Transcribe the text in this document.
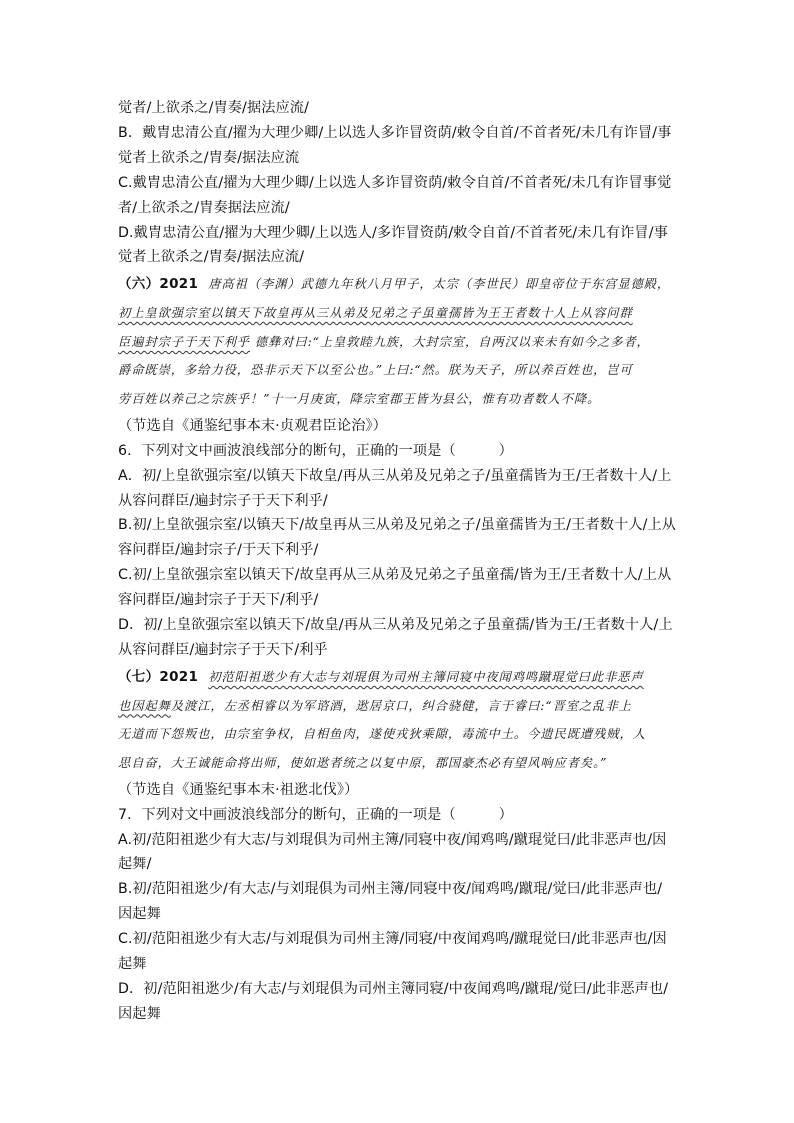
觉者/上欲杀之/胄奏/据法应流/
B．戴胄忠清公直/擢为大理少卿/上以选人多诈冒资荫/敕令自首/不首者死/未几有诈冒/事
觉者上欲杀之/胄奏/据法应流
C.戴胄忠清公直/擢为大理少卿/上以选人多诈冒资荫/敕令自首/不首者死/未几有诈冒事觉
者/上欲杀之/胄奏据法应流/
D.戴胄忠清公直/擢为大理少卿/上以选人/多诈冒资荫/敕令自首/不首者死/未几有诈冒/事
觉者上欲杀之/胄奏/据法应流/
（六）2021 唐高祖（李渊）武德九年秋八月甲子，太宗（李世民）即皇帝位于东宫显德殿，
初上皇欲强宗室以镇天下故皇再从三从弟及兄弟之子虽童孺皆为王王者数十人上从容问群
臣遍封宗子于天下利乎 德彝对曰:“上皇敦睦九族，大封宗室，自两汉以来未有如今之多者，
爵命既崇，多给力役，恐非示天下以至公也。”上曰:“然。朕为天子，所以养百姓也，岂可
劳百姓以养己之宗族乎！”十一月庚寅，降宗室郡王皆为县公，惟有功者数人不降。
（节选自《通鉴纪事本末·贞观君臣论治》）
6．下列对文中画波浪线部分的断句，正确的一项是（　　　）
A．初/上皇欲强宗室/以镇天下故皇/再从三从弟及兄弟之子/虽童孺皆为王/王者数十人/上
从容问群臣/遍封宗子于天下利乎/
B.初/上皇欲强宗室/以镇天下/故皇再从三从弟及兄弟之子/虽童孺皆为王/王者数十人/上从
容问群臣/遍封宗子/于天下利乎/
C.初/上皇欲强宗室以镇天下/故皇再从三从弟及兄弟之子虽童孺/皆为王/王者数十人/上从
容问群臣/遍封宗子于天下/利乎/
D．初/上皇欲强宗室以镇天下/故皇/再从三从弟及兄弟之子虽童孺/皆为王/王者数十人/上
从容问群臣/遍封宗子于天下/利乎
（七）2021 初范阳祖逖少有大志与刘琨俱为司州主簿同寝中夜闻鸡鸣蹴琨觉曰此非恶声
也因起舞及渡江，左丞相睿以为军谘酒，逖居京口，纠合骁健，言于睿曰:“晋室之乱非上
无道而下怨叛也，由宗室争权，自相鱼肉，遂使戎狄乘隙，毒流中土。今遗民既遭残贼，人
思自奋，大王诚能命将出师，使如逖者统之以复中原，郡国豪杰必有望风响应者矣。”
（节选自《通鉴纪事本末·祖逖北伐》）
7．下列对文中画波浪线部分的断句，正确的一项是（　　　）
A.初/范阳祖逖少有大志/与刘琨俱为司州主簿/同寝中夜/闻鸡鸣/蹴琨觉曰/此非恶声也/因
起舞/
B.初/范阳祖逖少/有大志/与刘琨俱为司州主簿/同寝中夜/闻鸡鸣/蹴琨/觉曰/此非恶声也/
因起舞
C.初/范阳祖逖少有大志/与刘琨俱为司州主簿/同寝/中夜闻鸡鸣/蹴琨觉曰/此非恶声也/因
起舞
D．初/范阳祖逖少/有大志/与刘琨俱为司州主簿同寝/中夜闻鸡鸣/蹴琨/觉曰/此非恶声也/
因起舞
